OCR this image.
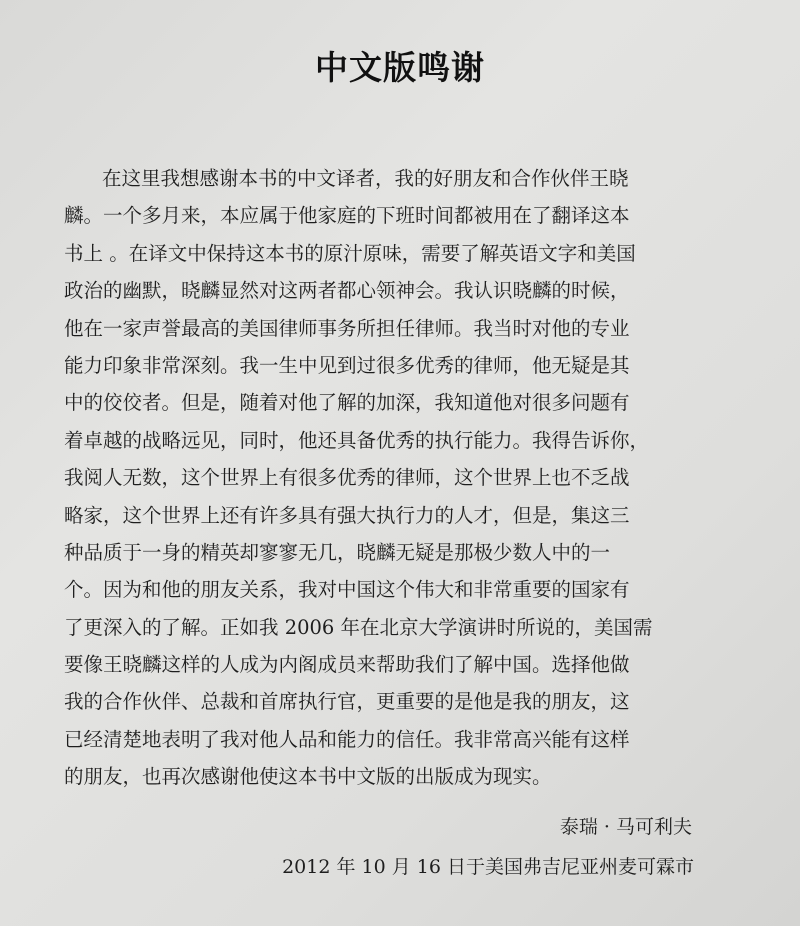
中文版鸣谢
在这里我想感谢本书的中文译者，我的好朋友和合作伙伴王晓
麟。一个多月来，本应属于他家庭的下班时间都被用在了翻译这本
书上 。在译文中保持这本书的原汁原味，需要了解英语文字和美国
政治的幽默，晓麟显然对这两者都心领神会。我认识晓麟的时候，
他在一家声誉最高的美国律师事务所担任律师。我当时对他的专业
能力印象非常深刻。我一生中见到过很多优秀的律师，他无疑是其
中的佼佼者。但是，随着对他了解的加深，我知道他对很多问题有
着卓越的战略远见，同时，他还具备优秀的执行能力。我得告诉你，
我阅人无数，这个世界上有很多优秀的律师，这个世界上也不乏战
略家，这个世界上还有许多具有强大执行力的人才，但是，集这三
种品质于一身的精英却寥寥无几，晓麟无疑是那极少数人中的一
个。因为和他的朋友关系，我对中国这个伟大和非常重要的国家有
了更深入的了解。正如我 2006 年在北京大学演讲时所说的，美国需
要像王晓麟这样的人成为内阁成员来帮助我们了解中国。选择他做
我的合作伙伴、总裁和首席执行官，更重要的是他是我的朋友，这
已经清楚地表明了我对他人品和能力的信任。我非常高兴能有这样
的朋友，也再次感谢他使这本书中文版的出版成为现实。
泰瑞 · 马可利夫
2012 年 10 月 16 日于美国弗吉尼亚州麦可霖市
